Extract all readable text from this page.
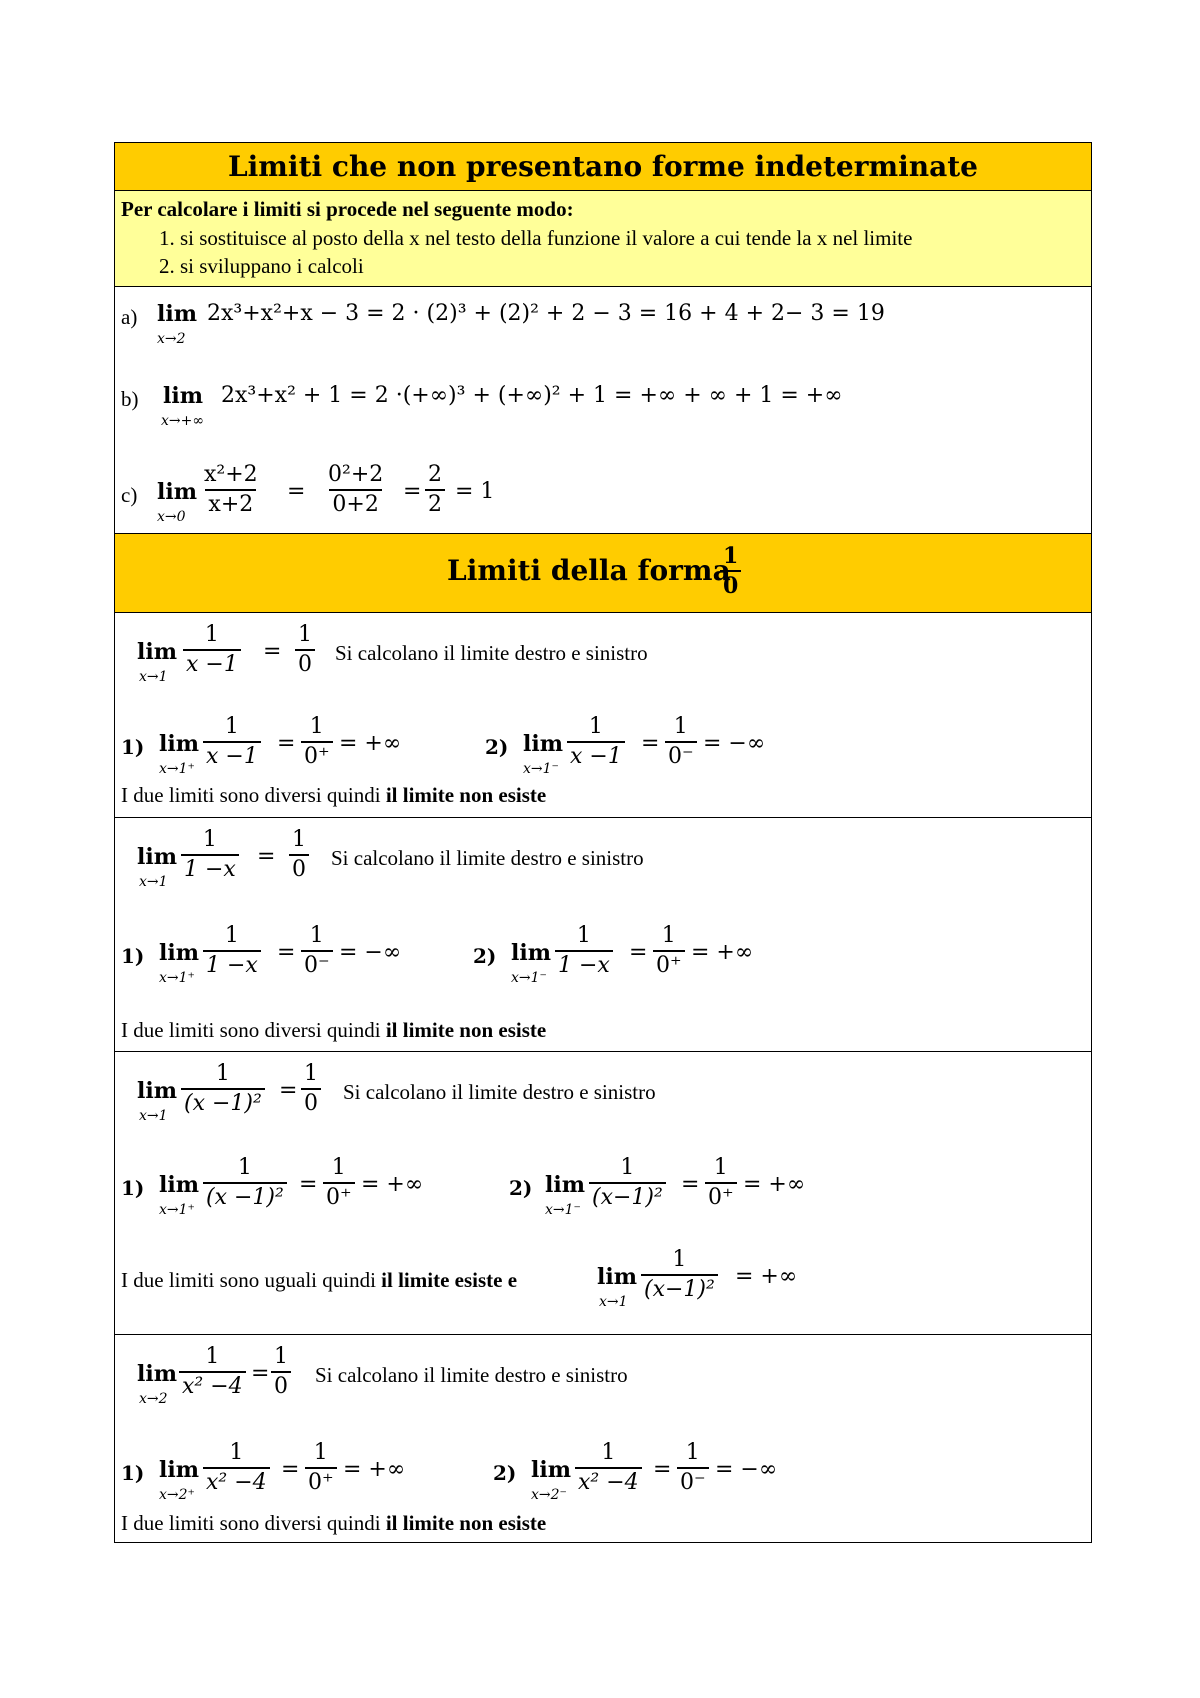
Limiti che non presentano forme indeterminate
Per calcolare i limiti si procede nel seguente modo:
1. si sostituisce al posto della x nel testo della funzione il valore a cui tende la x nel limite
2. si sviluppano i calcoli
a) lim
x→2
2x³+x²+x − 3 = 2 · (2)³ + (2)² + 2 − 3 = 16 + 4 + 2− 3 = 19
b) lim
x→+∞
2x³+x² + 1 = 2 ·(+∞)³ + (+∞)² + 1 = +∞ + ∞ + 1 = +∞
c) lim
$x\to 0 \frac{\text{x²+2}}{x+2} = \frac{\text{0²+2}}{0+2} = \frac{2}{2} = 1$
Limiti della forma
$\frac{1}{0}$
lim
$x\to 1 \frac{1}{x -1} = \frac{1}{0}$ Si calcolano il limite destro e sinistro
1) lim
$x\to 1^+ \frac{1}{x -1} = \frac{1}{0^+}$ = +∞	2) lim
$x\to 1^- \frac{1}{x -1} = \frac{1}{0^-}$ = −∞
I due limiti sono diversi quindi il limite non esiste
lim
$x\to 1 \frac{1}{1 -x} = \frac{1}{0}$ Si calcolano il limite destro e sinistro
1) lim
$x\to 1^+ \frac{1}{1 -x} = \frac{1}{0^-}$ = −∞	2) lim
$x\to 1^- \frac{1}{1 -x} = \frac{1}{0^+}$ = +∞
I due limiti sono diversi quindi il limite non esiste
lim
$x\to 1 \frac{1}{\text{(x −1)²}} = \frac{1}{0}$ Si calcolano il limite destro e sinistro
1) lim
$x\to 1^+ \frac{1}{\text{(x −1)²}} = \frac{1}{0^+}$ = +∞	2) lim
$x\to 1^- \frac{1}{\text{(x−1)²}} = \frac{1}{0^+}$ = +∞
I due limiti sono uguali quindi il limite esiste e	lim
$x\to 1 \frac{1}{\text{(x−1)²}}$ = +∞
lim
$x\to 2 \frac{1}{\text{x² −4}} = \frac{1}{0}$ Si calcolano il limite destro e sinistro
1) lim
$x\to 2^+ \frac{1}{\text{x² −4}} = \frac{1}{0^+}$ = +∞	2) lim
$x\to 2^- \frac{1}{\text{x² −4}} = \frac{1}{0^-}$ = −∞
I due limiti sono diversi quindi il limite non esiste
